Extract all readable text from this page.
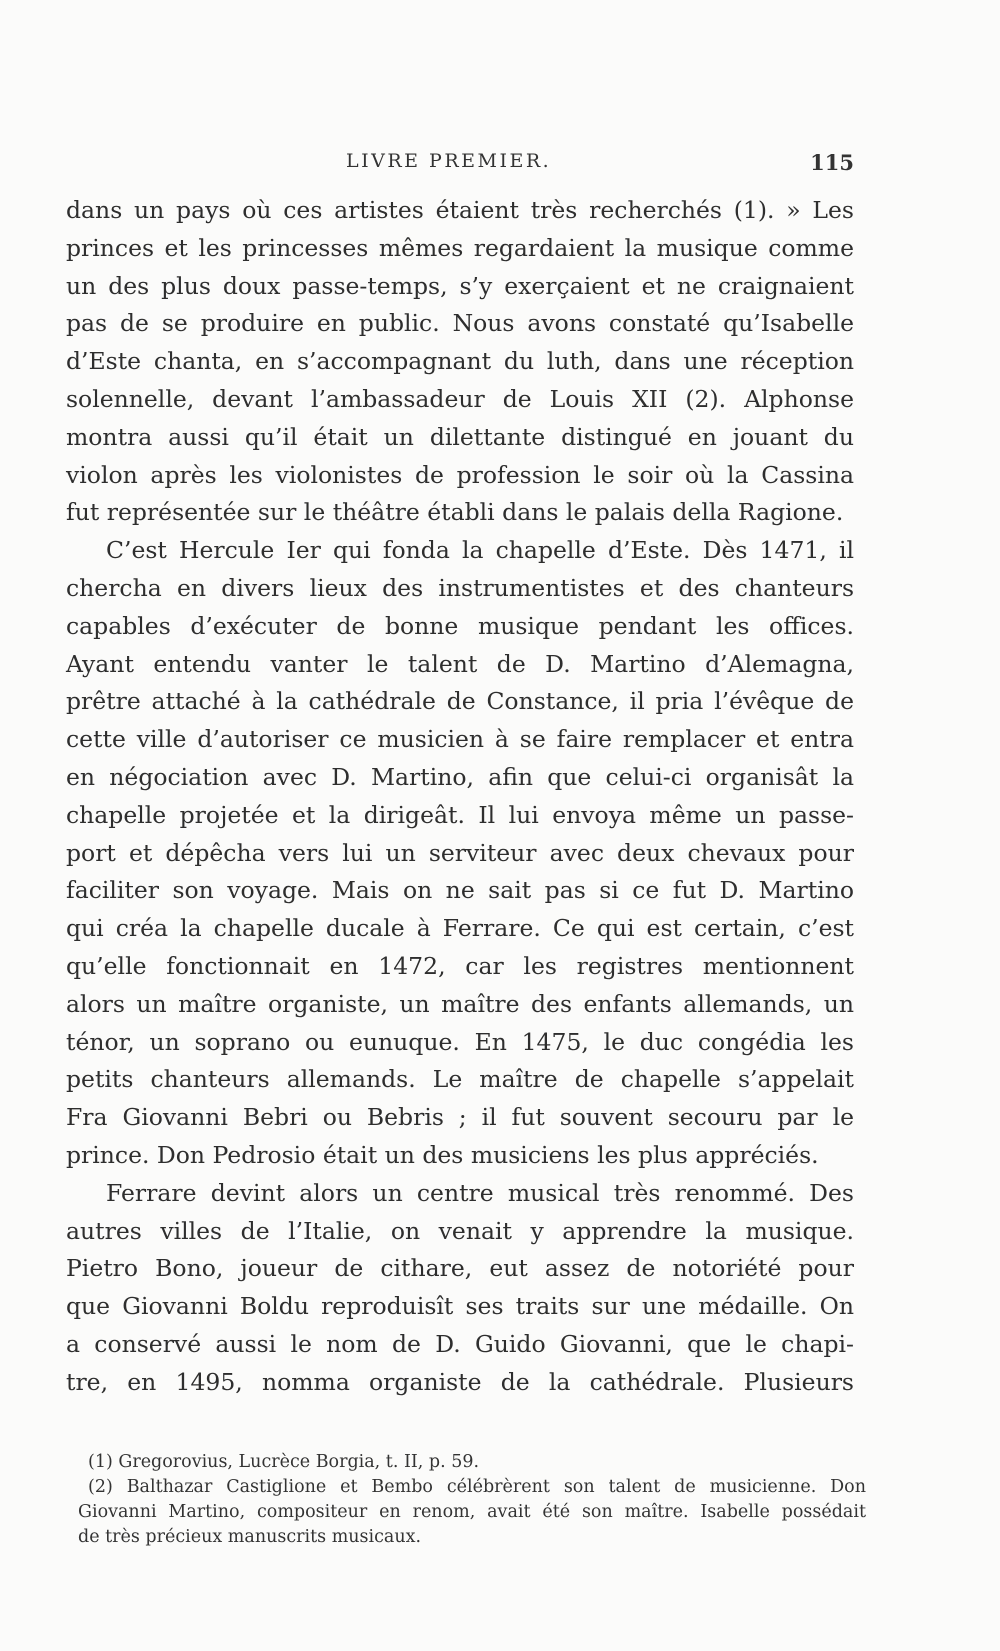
LIVRE PREMIER.	115
dans un pays où ces artistes étaient très recherchés (1). » Les
princes et les princesses mêmes regardaient la musique comme
un des plus doux passe-temps, s’y exerçaient et ne craignaient
pas de se produire en public. Nous avons constaté qu’Isabelle
d’Este chanta, en s’accompagnant du luth, dans une réception
solennelle, devant l’ambassadeur de Louis XII (2). Alphonse
montra aussi qu’il était un dilettante distingué en jouant du
violon après les violonistes de profession le soir où la Cassina
fut représentée sur le théâtre établi dans le palais della Ragione.
C’est Hercule Ier qui fonda la chapelle d’Este. Dès 1471, il
chercha en divers lieux des instrumentistes et des chanteurs
capables d’exécuter de bonne musique pendant les offices.
Ayant entendu vanter le talent de D. Martino d’Alemagna,
prêtre attaché à la cathédrale de Constance, il pria l’évêque de
cette ville d’autoriser ce musicien à se faire remplacer et entra
en négociation avec D. Martino, afin que celui-ci organisât la
chapelle projetée et la dirigeât. Il lui envoya même un passe-
port et dépêcha vers lui un serviteur avec deux chevaux pour
faciliter son voyage. Mais on ne sait pas si ce fut D. Martino
qui créa la chapelle ducale à Ferrare. Ce qui est certain, c’est
qu’elle fonctionnait en 1472, car les registres mentionnent
alors un maître organiste, un maître des enfants allemands, un
ténor, un soprano ou eunuque. En 1475, le duc congédia les
petits chanteurs allemands. Le maître de chapelle s’appelait
Fra Giovanni Bebri ou Bebris ; il fut souvent secouru par le
prince. Don Pedrosio était un des musiciens les plus appréciés.
Ferrare devint alors un centre musical très renommé. Des
autres villes de l’Italie, on venait y apprendre la musique.
Pietro Bono, joueur de cithare, eut assez de notoriété pour
que Giovanni Boldu reproduisît ses traits sur une médaille. On
a conservé aussi le nom de D. Guido Giovanni, que le chapi-
tre, en 1495, nomma organiste de la cathédrale. Plusieurs
(1) Gregorovius, Lucrèce Borgia, t. II, p. 59.
(2) Balthazar Castiglione et Bembo célébrèrent son talent de musicienne. Don
Giovanni Martino, compositeur en renom, avait été son maître. Isabelle possédait
de très précieux manuscrits musicaux.
